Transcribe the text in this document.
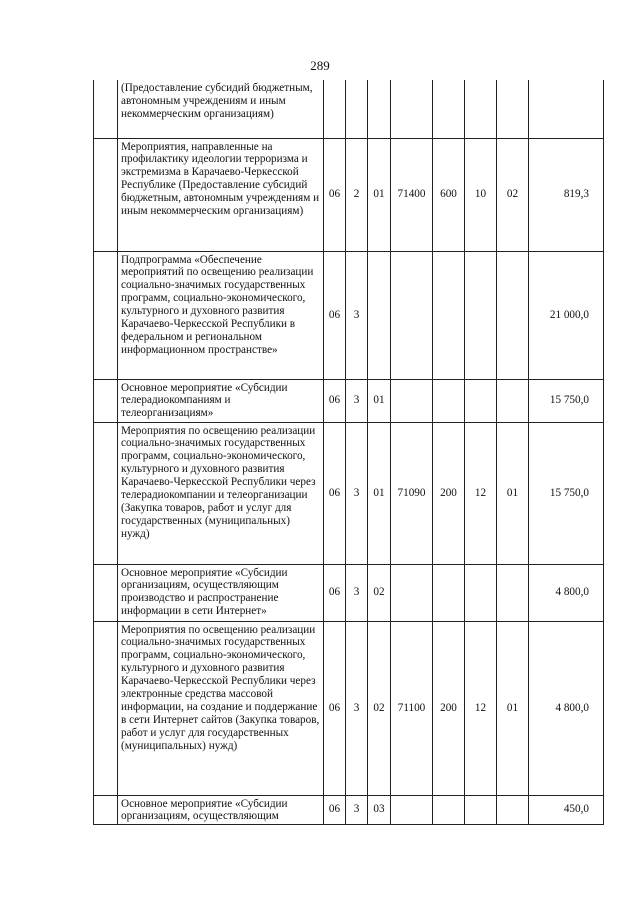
289
	(Предоставление субсидий бюджетным, автономным учреждениям и иным некоммерческим организациям)								
	Мероприятия, направленные на профилактику идеологии терроризма и экстремизма в Карачаево-Черкесской Республике (Предоставление субсидий бюджетным, автономным учреждениям и иным некоммерческим организациям)	06	2	01	71400	600	10	02	819,3
	Подпрограмма «Обеспечение мероприятий по освещению реализации социально-значимых государственных программ, социально-экономического, культурного и духовного развития Карачаево-Черкесской Республики в федеральном и региональном информационном пространстве»	06	3						21 000,0
	Основное мероприятие «Субсидии телерадиокомпаниям и телеорганизациям»	06	3	01					15 750,0
	Мероприятия по освещению реализации социально-значимых государственных программ, социально-экономического, культурного и духовного развития Карачаево-Черкесской Республики через телерадиокомпании и телеорганизации (Закупка товаров, работ и услуг для государственных (муниципальных) нужд)	06	3	01	71090	200	12	01	15 750,0
	Основное мероприятие «Субсидии организациям, осуществляющим производство и распространение информации в сети Интернет»	06	3	02					4 800,0
	Мероприятия по освещению реализации социально-значимых государственных программ, социально-экономического, культурного и духовного развития Карачаево-Черкесской Республики через электронные средства массовой информации, на создание и поддержание в сети Интернет сайтов (Закупка товаров, работ и услуг для государственных (муниципальных) нужд)	06	3	02	71100	200	12	01	4 800,0
	Основное мероприятие «Субсидии организациям, осуществляющим	06	3	03					450,0
